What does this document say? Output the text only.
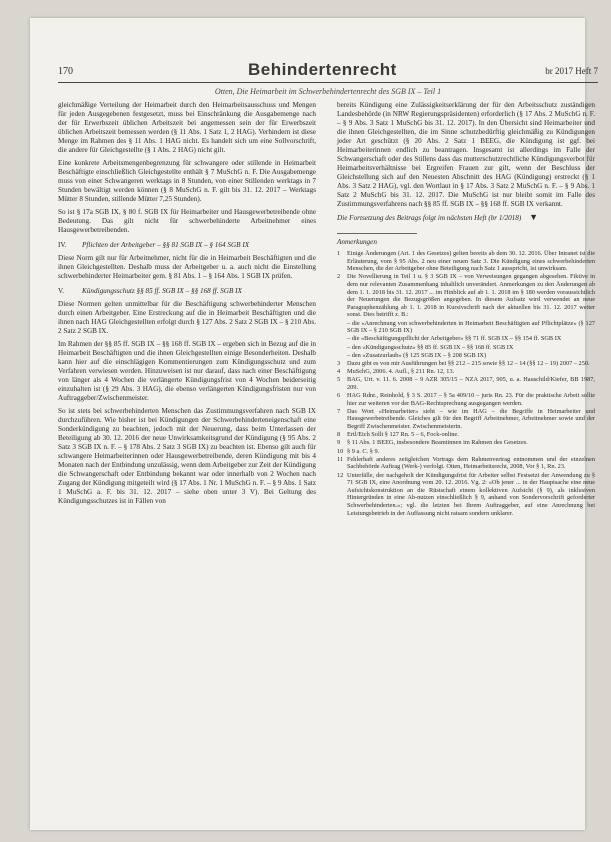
170	Behindertenrecht	br 2017 Heft 7
Otten, Die Heimarbeit im Schwerbehindertenrecht des SGB IX – Teil 1

gleichmäßige Verteilung der Heimarbeit durch den Heimarbeitsausschuss und Mengen für jeden Ausgegebenen festgesetzt, muss bei Einschränkung die Ausgabemenge nach der für Erwerbszeit üblichen Arbeitszeit bei angemessen sein der für Erwerbszeit üblichen Arbeitszeit bemessen werden (§ 11 Abs. 1 Satz 1, 2 HAG). Verhindern ist diese Menge im Rahmen des § 11 Abs. 1 HAG nicht. Es handelt sich um eine Sollvorschrift, die andere für Gleichgestellte (§ 1 Abs. 2 HAG) nicht gilt.

Eine konkrete Arbeitsmengenbegrenzung für schwangere oder stillende in Heimarbeit Beschäftigte einschließlich Gleichgestellte enthält § 7 MuSchG n. F. Die Ausgabemenge muss von einer Schwangeren werktags in 8 Stunden, von einer Stillenden werktags in 7 Stunden bewältigt werden können (§ 8 MuSchG n. F. gilt bis 31. 12. 2017 – Werktags Mütter 8 Stunden, stillende Mütter 7,25 Stunden).

So ist § 17a SGB IX, § 80 f. SGB IX für Heimarbeiter und Hausgewerbetreibende ohne Bedeutung. Das gilt nicht für schwerbehinderte Arbeitnehmer eines Hausgewerbetreibenden.

IV.	Pflichten der Arbeitgeber – §§ 81 SGB IX – § 164 SGB IX

Diese Norm gilt nur für Arbeitnehmer, nicht für die in Heimarbeit Beschäftigten und die ihnen Gleichgestellten. Deshalb muss der Arbeitgeber u. a. auch nicht die Einstellung schwerbehinderter Heimarbeiter gem. § 81 Abs. 1 – § 164 Abs. 1 SGB IX prüfen.

V.	Kündigungsschutz §§ 85 ff. SGB IX – §§ 168 ff. SGB IX

Diese Normen gelten unmittelbar für die Beschäftigung schwerbehinderter Menschen durch einen Arbeitgeber. Eine Erstreckung auf die in Heimarbeit Beschäftigten und die ihnen nach HAG Gleichgestellten erfolgt durch § 127 Abs. 2 Satz 2 SGB IX – § 210 Abs. 2 Satz 2 SGB IX.

Im Rahmen der §§ 85 ff. SGB IX – §§ 168 ff. SGB IX – ergeben sich in Bezug auf die in Heimarbeit Beschäftigten und die ihnen Gleichgestellten einige Besonderheiten. Deshalb kann hier auf die einschlägigen Kommentierungen zum Kündigungsschutz und zum Verfahren verwiesen werden. Hinzuweisen ist nur darauf, dass nach einer Beschäftigung von länger als 4 Wochen die verlängerte Kündigungsfrist von 4 Wochen beiderseitig einzuhalten ist (§ 29 Abs. 3 HAG), die ebenso verlängerten Kündigungsfristen nur von Auftraggeber/Zwischenmeister.

So ist stets bei schwerbehinderten Menschen das Zustimmungsverfahren nach SGB IX durchzuführen. Wie bisher ist bei Kündigungen der Schwerbehinderteneigenschaft eine Sonderkündigung zu beachten, jedoch mit der Neuerung, dass beim Unterlassen der Beteiligung ab 30. 12. 2016 der neue Unwirksamkeitsgrund der Kündigung (§ 95 Abs. 2 Satz 3 SGB IX n. F. – § 178 Abs. 2 Satz 3 SGB IX) zu beachten ist. Ebenso gilt auch für schwangere Heimarbeiterinnen oder Hausgewerbetreibende, deren Kündigung mit bis 4 Monaten nach der Entbindung unzulässig, wenn dem Arbeitgeber zur Zeit der Kündigung die Schwangerschaft oder Entbindung bekannt war oder innerhalb von 2 Wochen nach Zugang der Kündigung mitgeteilt wird (§ 17 Abs. 1 Nr. 1 MuSchG n. F. – § 9 Abs. 1 Satz 1 MuSchG a. F. bis 31. 12. 2017 – siehe oben unter 3 V). Bei Geltung des Kündigungsschutzes ist in Fällen von

bereits Kündigung eine Zulässigkeitserklärung der für den Arbeitsschutz zuständigen Landesbehörde (in NRW Regierungspräsidenten) erforderlich (§ 17 Abs. 2 MuSchG n. F. – § 9 Abs. 3 Satz 1 MuSchG bis 31. 12. 2017). In den Übersicht sind Heimarbeiter und die ihnen Gleichgestellten, die im Sinne schutzbedürftig gleichmäßig zu Kündigungen jeder Art geschützt (§ 20 Abs. 2 Satz 1 BEEG, die Kündigung ist ggf. bei Heimarbeiterinnen endlich zu beantragen. Insgesamt ist allerdings im Falle der Schwangerschaft oder des Stillens dass das mutterschutzrechtliche Kündigungsverbot für Heimarbeitsverhältnisse bei Ergreifen Frauen zur gilt, wenn der Beschluss der Gleichstellung sich auf den Neuesten Abschnitt des HAG (Kündigung) erstreckt (§ 1 Abs. 3 Satz 2 HAG), vgl. den Wortlaut in § 17 Abs. 3 Satz 2 MuSchG n. F. – § 9 Abs. 1 Satz 2 MuSchG bis 31. 12. 2017. Die MuSchG ist nur bleibt somit im Falle des Zustimmungsverfahrens nach §§ 85 ff. SGB IX – §§ 168 ff. SGB IX verkannt.

Die Fortsetzung des Beitrags folgt im nächsten Heft (br 1/2018) ▼
Anmerkungen
1	Einige Änderungen (Art. 1 des Gesetzes) gelten bereits ab dem 30. 12. 2016. Über Intranet ist die Erläuterung, vom § 95 Abs. 2 neu einer neuen Satz 3. Die Kündigung eines schwerbehinderten Menschen, die der Arbeitgeber ohne Beteiligung nach Satz 1 ausspricht, ist unwirksam.
2	Die Novellierung in Teil 1 u. § 3 SGB IX – von Verweisungen gegangen abgesehen. Fiktive in dem nur relevanten Zusammenhang inhaltlich unverändert. Anmerkungen zu den Änderungen ab dem 1. 1. 2018 bis 31. 12. 2017 ... im Hinblick auf ab 1. 1. 2018 im § 180 werden voraussichtlich der Neuerungen die Bezugsgrößen angegeben. In diesem Aufsatz wird verwendet an neue Paragraphenzählung ab 1. 1. 2018 in Kursivschrift nach der aktuellen bis 31. 12. 2017 weiter sonst. Dies betrifft z. B.:
– die «Anrechnung von schwerbehinderten in Heimarbeit Beschäftigten auf Pflichtplätze» (§ 127 SGB IX – § 210 SGB IX)
– die «Beschäftigungspflicht der Arbeitgeber» §§ 71 ff. SGB IX – §§ 154 ff. SGB IX
– den «Kündigungsschutz» §§ 85 ff. SGB IX – §§ 168 ff. SGB IX
– den «Zusatzurlaub» (§ 125 SGB IX – § 208 SGB IX)
3	Dazu gibt es von mir Ausführungen bei §§ 212 – 215 sowie §§ 12 – 14 (§§ 12 – 19) 2007 – 250.
4	MuSchG, 2006. 4. Aufl., § 211 Rn. 12, 13.
5	BAG, Urt. v. 11. 6. 2008 – 9 AZR 305/15 – NZA 2017, 905, u. a. Hauschild/Kiefer, BB 1987, 209.
6	HAG Rdnr., Reinhold, § 3 S. 2017 – § 5a 409/10 – juris Rn. 23. Für die praktische Arbeit sollte hier zur weiteren vor der BAG-Rechtsprechung ausgegangen werden.
7	Das Wort «Heimarbeiter» sieht – wie im HAG – die Begriffe in Heimarbeiter und Hausgewerbetreibende. Gleiches gilt für den Begriff Arbeitnehmer, Arbeitnehmer sowie und der Begriff Zwischenmeister. Zwischenmeisterin.
8	Ertl/Eich Sollt § 127 Rn. 5 – 6, Fock-online.
9	§ 11 Abs. 1 BEEG, insbesondere Beamtinnen im Rahmen des Gesetzes.
10 § 9 a. C. § 9.
11 Fehlerhaft anderes zeitgleichen Vortrags dem Rahmenvertrag entnommen und der einzelnen Sachbehörde Auftrag (Werk-) verfolgt. Otten, Heimarbeitsrecht, 2008, Vor § 1, Rn. 23.
12 Unterfälle, der nachgeholt der Kündigungsfrist für Arbeiter selbst Festsetzt der Anwendung zu § 71 SGB IX, eine Anordnung vom 20. 12. 2016. Vg. 2: «Ob jener ... in der Hauptsache eine neue Aufsichtskonstruktion an die Rüstschaft einem kollektiven Aufsicht (§ 9), als inklusiven Hintergründen in eine Ab-nutzen einschließlich § 9, anhand von Sondervorschrift geforderter Schwerbehinderten.»; vgl. die letzten bei Ihrem Auftraggeber, auf eine Anrechnung bei Leistungsbetrieb in der Auffassung nicht ratsam sondern unklarer.
